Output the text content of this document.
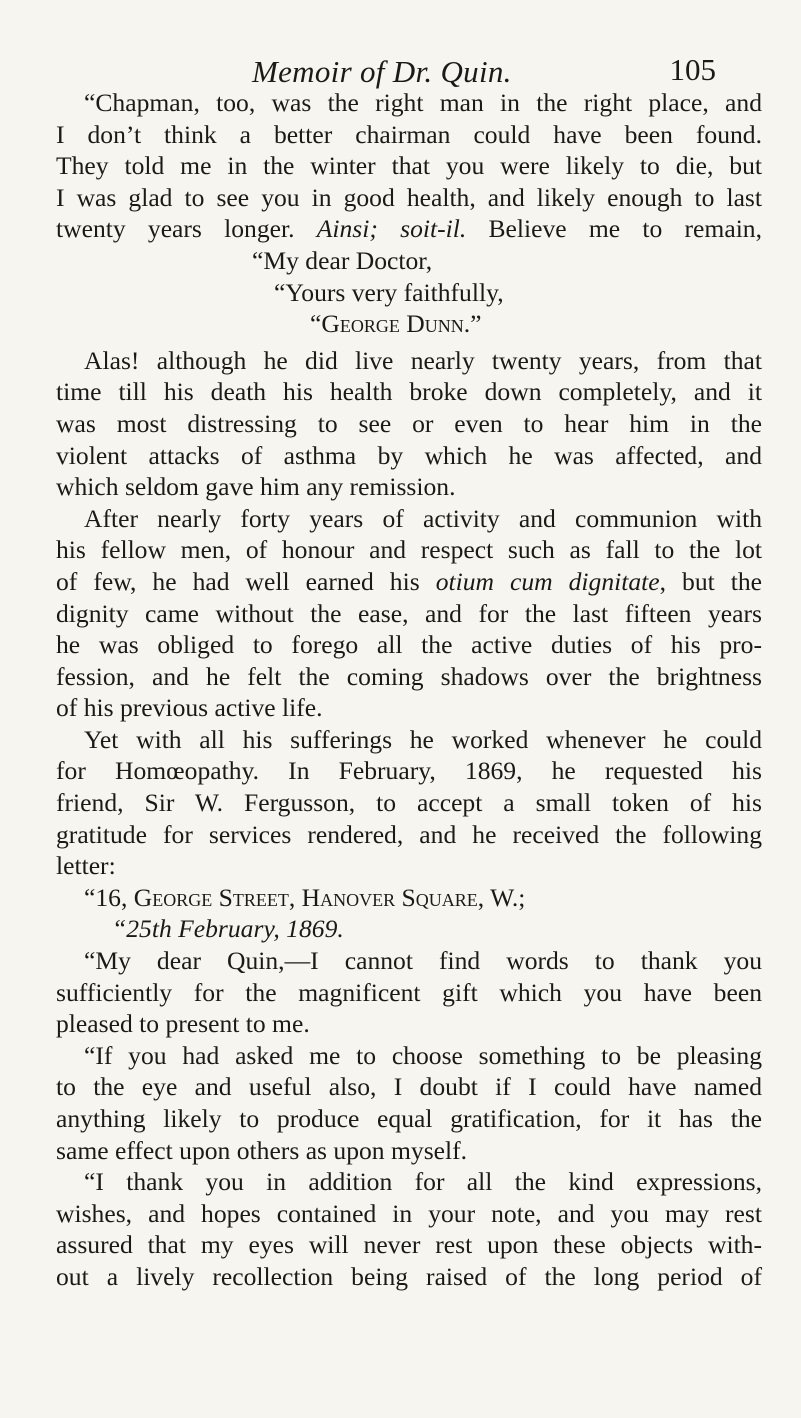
Memoir of Dr. Quin.	105
“Chapman, too, was the right man in the right place, and
I don’t think a better chairman could have been found.
They told me in the winter that you were likely to die, but
I was glad to see you in good health, and likely enough to last
twenty years longer. Ainsi; soit-il. Believe me to remain,
“My dear Doctor,
“Yours very faithfully,
“George Dunn.”
Alas! although he did live nearly twenty years, from that
time till his death his health broke down completely, and it
was most distressing to see or even to hear him in the
violent attacks of asthma by which he was affected, and
which seldom gave him any remission.
After nearly forty years of activity and communion with
his fellow men, of honour and respect such as fall to the lot
of few, he had well earned his otium cum dignitate, but the
dignity came without the ease, and for the last fifteen years
he was obliged to forego all the active duties of his pro-
fession, and he felt the coming shadows over the brightness
of his previous active life.
Yet with all his sufferings he worked whenever he could
for Homœopathy. In February, 1869, he requested his
friend, Sir W. Fergusson, to accept a small token of his
gratitude for services rendered, and he received the following
letter:
“16, George Street, Hanover Square, W.;
“25th February, 1869.
“My dear Quin,—I cannot find words to thank you
sufficiently for the magnificent gift which you have been
pleased to present to me.
“If you had asked me to choose something to be pleasing
to the eye and useful also, I doubt if I could have named
anything likely to produce equal gratification, for it has the
same effect upon others as upon myself.
“I thank you in addition for all the kind expressions,
wishes, and hopes contained in your note, and you may rest
assured that my eyes will never rest upon these objects with-
out a lively recollection being raised of the long period of
